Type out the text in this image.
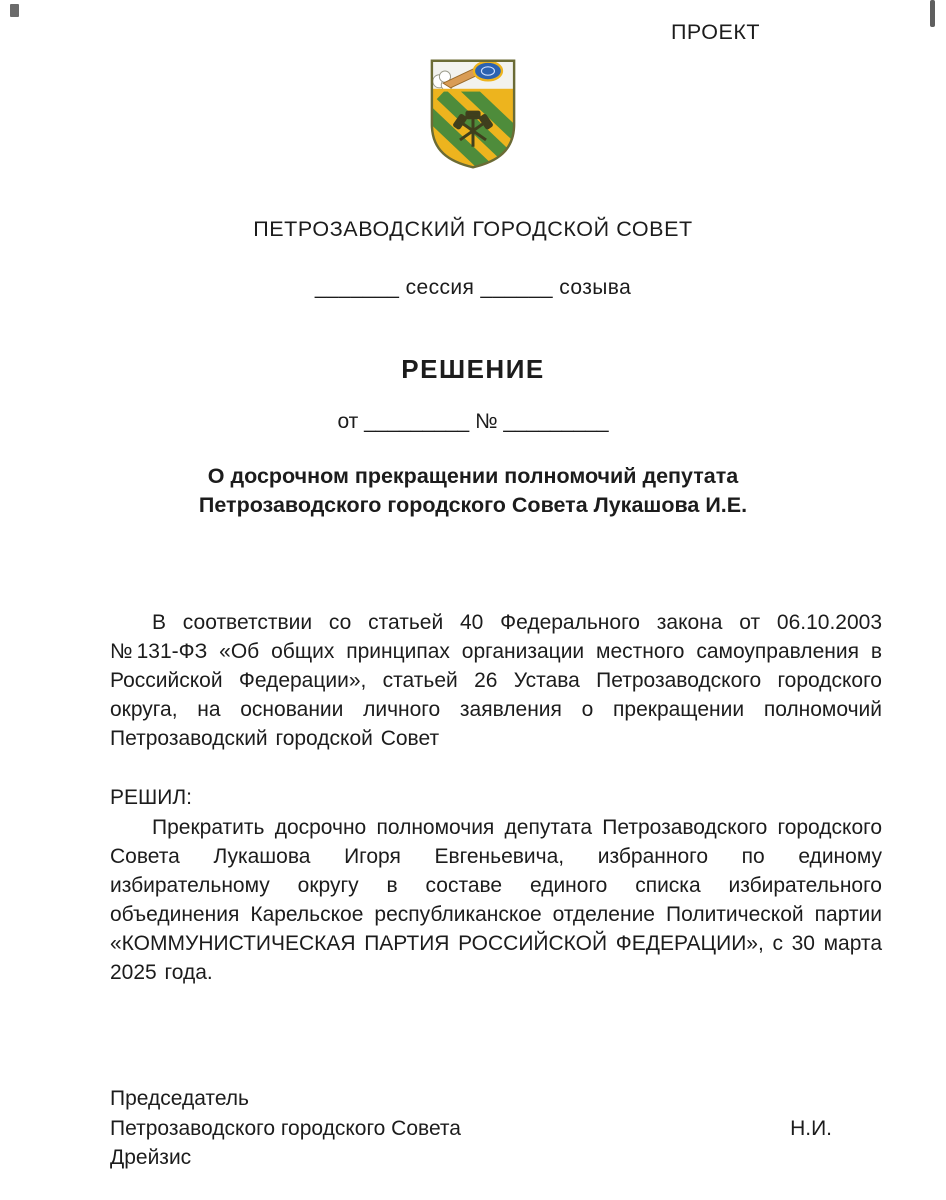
ПРОЕКТ
ПЕТРОЗАВОДСКИЙ ГОРОДСКОЙ СОВЕТ
_______ сессия ______ созыва
РЕШЕНИЕ
от _________ № _________
О досрочном прекращении полномочий депутата
Петрозаводского городского Совета Лукашова И.Е.
В соответствии со статьей 40 Федерального закона от 06.10.2003 №131-ФЗ «Об общих принципах организации местного самоуправления в Российской Федерации», статьей 26 Устава Петрозаводского городского округа, на основании личного заявления о прекращении полномочий Петрозаводский городской Совет
РЕШИЛ:
Прекратить досрочно полномочия депутата Петрозаводского городского Совета Лукашова Игоря Евгеньевича, избранного по единому избирательному округу в составе единого списка избирательного объединения Карельское республиканское отделение Политической партии «КОММУНИСТИЧЕСКАЯ ПАРТИЯ РОССИЙСКОЙ ФЕДЕРАЦИИ», с 30 марта 2025 года.
Председатель
Петрозаводского городского Совета	Н.И.
Дрейзис
